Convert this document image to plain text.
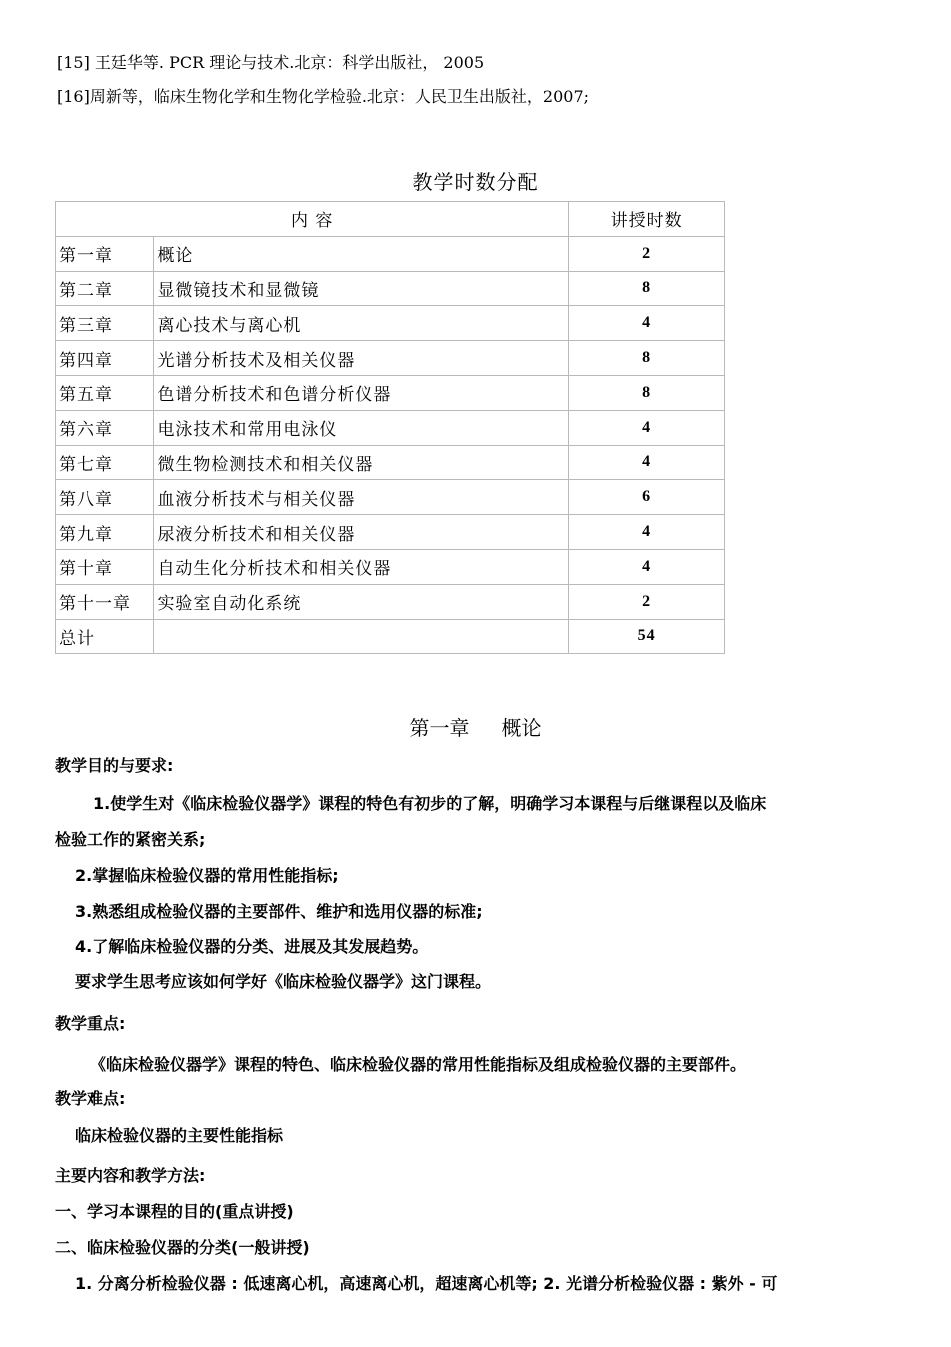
[15] 王廷华等. PCR 理论与技术.北京：科学出版社， 2005
[16]周新等，临床生物化学和生物化学检验.北京：人民卫生出版社，2007;
教学时数分配
内 容		讲授时数
第一章	概论	2
第二章	显微镜技术和显微镜	8
第三章	离心技术与离心机	4
第四章	光谱分析技术及相关仪器	8
第五章	色谱分析技术和色谱分析仪器	8
第六章	电泳技术和常用电泳仪	4
第七章	微生物检测技术和相关仪器	4
第八章	血液分析技术与相关仪器	6
第九章	尿液分析技术和相关仪器	4
第十章	自动生化分析技术和相关仪器	4
第十一章	实验室自动化系统	2
总计		54
第一章 概论
教学目的与要求:
1.使学生对《临床检验仪器学》课程的特色有初步的了解，明确学习本课程与后继课程以及临床
检验工作的紧密关系;
2.掌握临床检验仪器的常用性能指标;
3.熟悉组成检验仪器的主要部件、维护和选用仪器的标准;
4.了解临床检验仪器的分类、进展及其发展趋势。
要求学生思考应该如何学好《临床检验仪器学》这门课程。
教学重点:
《临床检验仪器学》课程的特色、临床检验仪器的常用性能指标及组成检验仪器的主要部件。
教学难点:
临床检验仪器的主要性能指标
主要内容和教学方法:
一、学习本课程的目的(重点讲授)
二、临床检验仪器的分类(一般讲授)
1. 分离分析检验仪器 : 低速离心机，高速离心机，超速离心机等; 2. 光谱分析检验仪器 : 紫外 - 可
